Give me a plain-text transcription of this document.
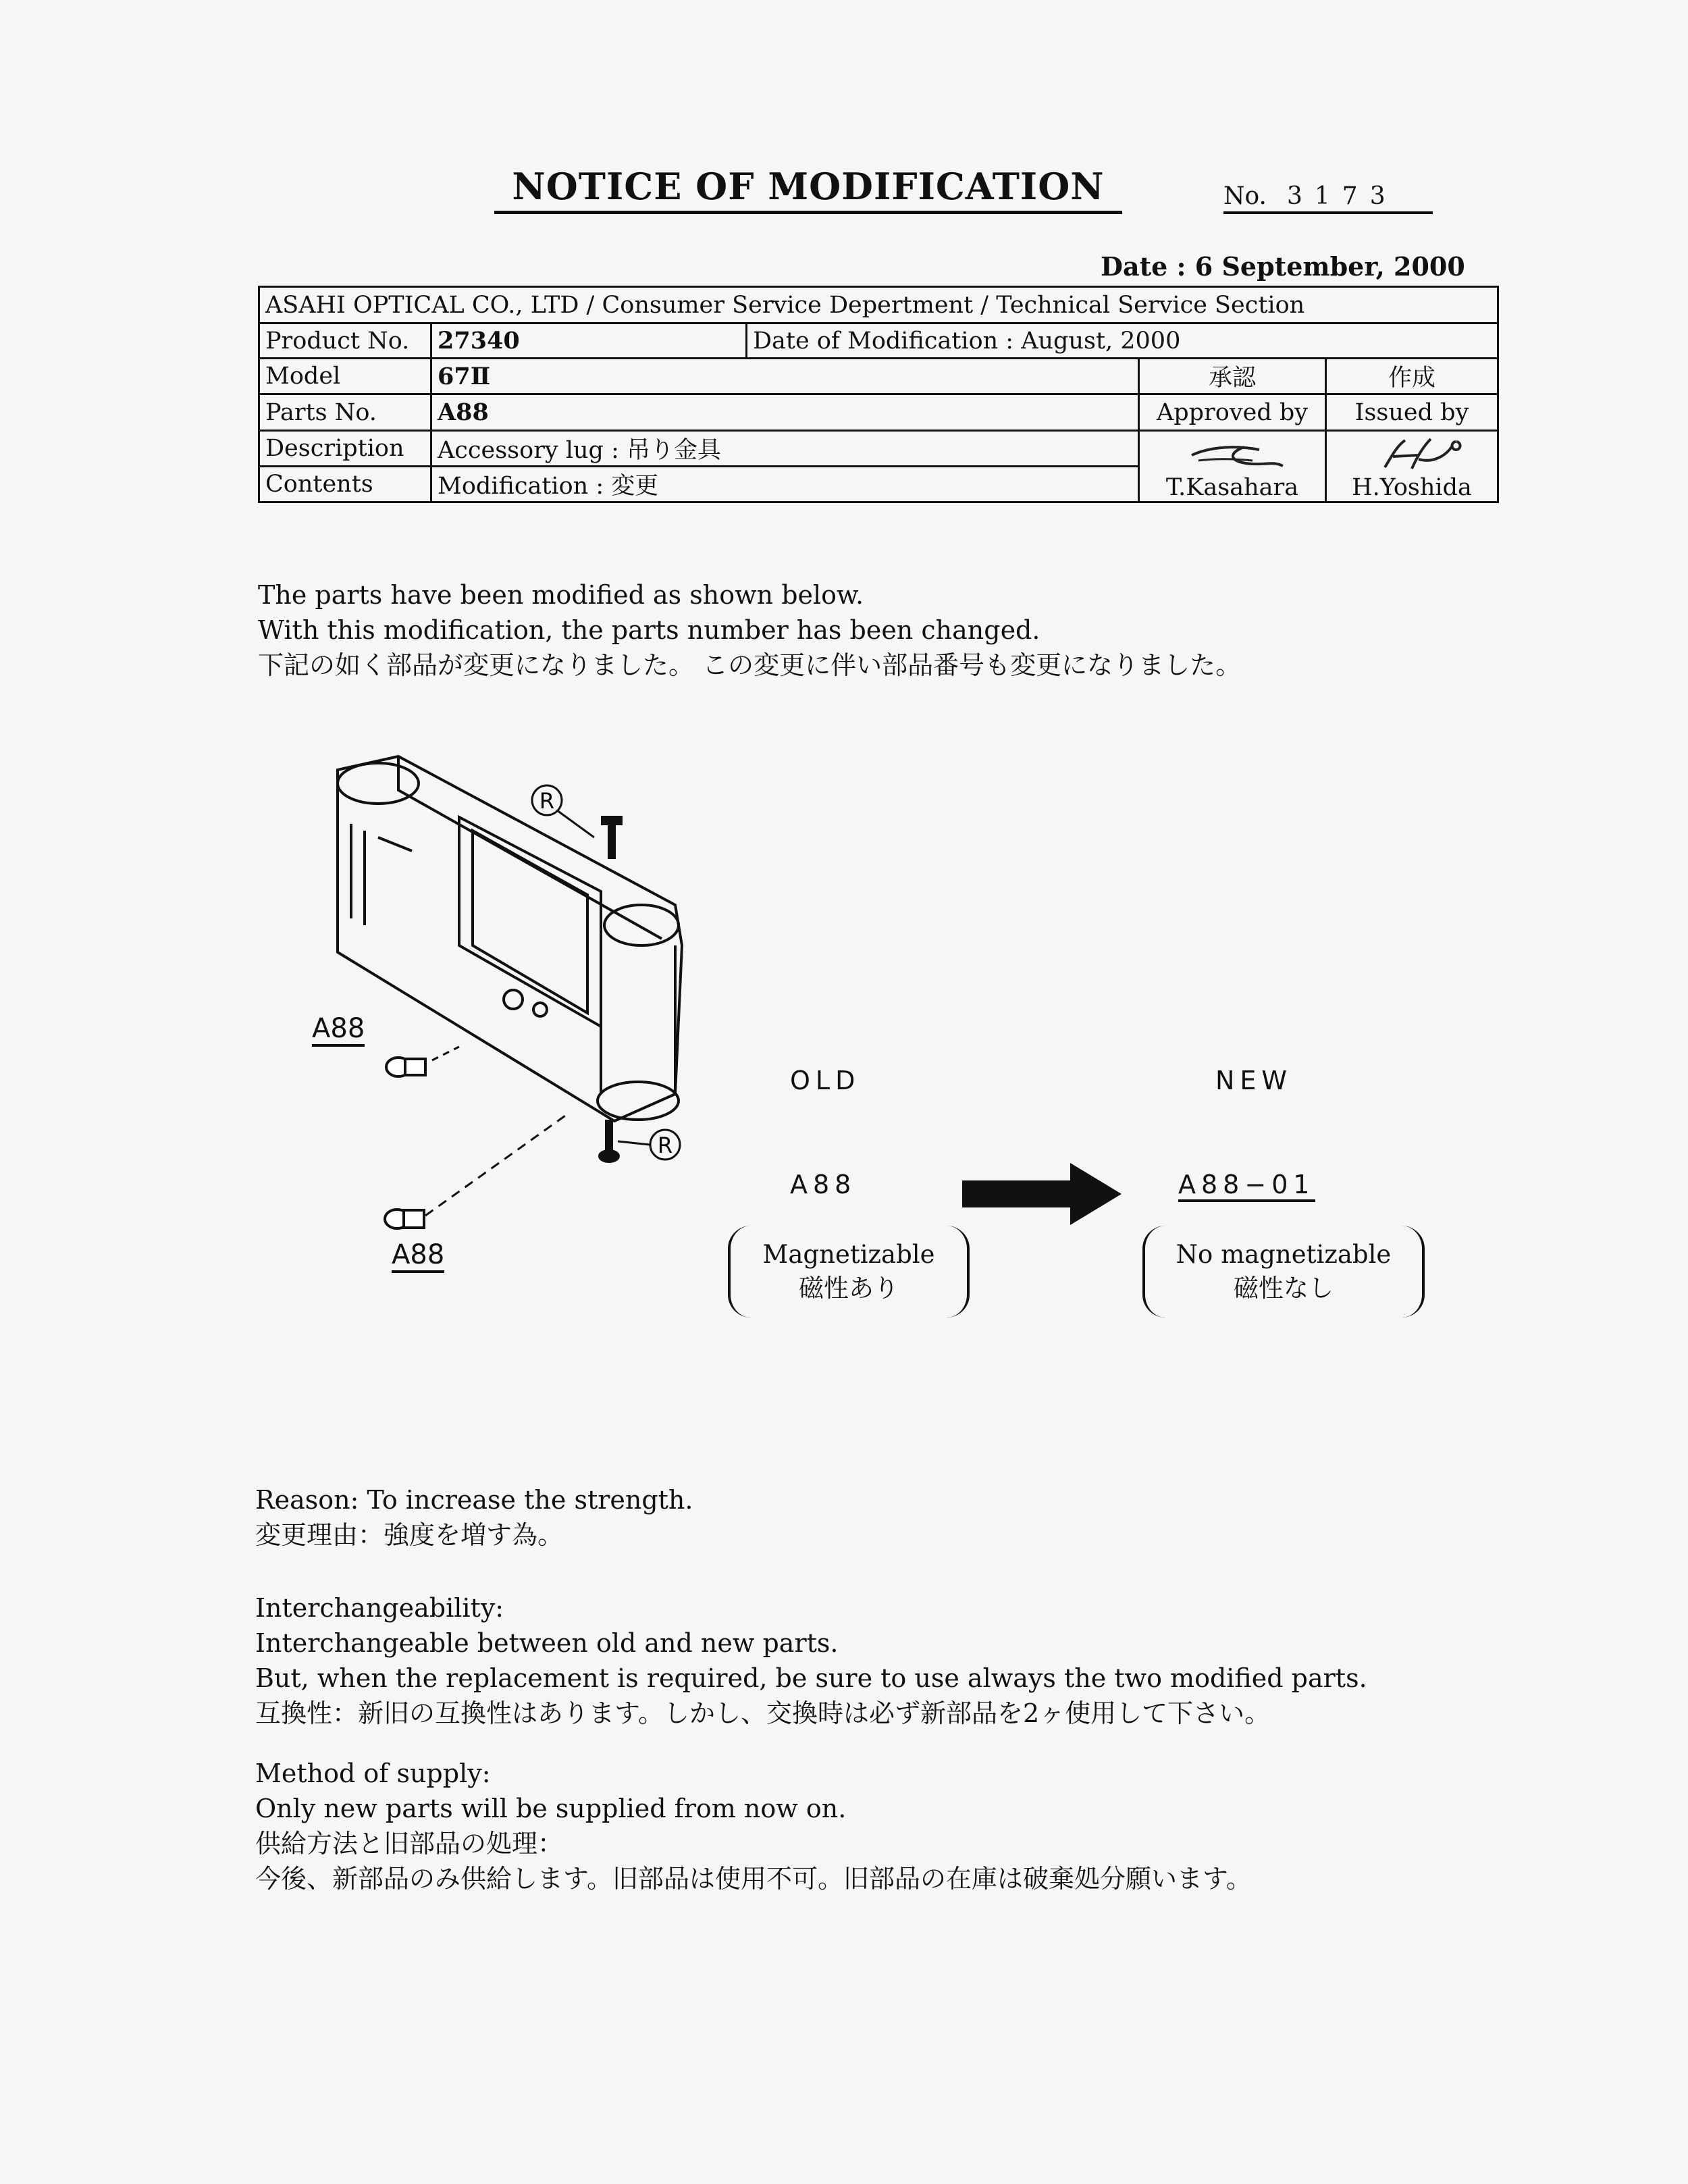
NOTICE OF MODIFICATION	No. 3173
Date : 6 September, 2000
ASAHI OPTICAL CO., LTD / Consumer Service Depertment / Technical Service Section				
Product No.	27340	Date of Modification : August, 2000		
Model	67Ⅱ		承認	作成
Parts No.	A88		Approved by	Issued by
Description	Accessory lug : 吊り金具		T.Kasahara	H.Yoshida

Contents	Modification : 変更			
The parts have been modified as shown below.
With this modification, the parts number has been changed.
下記の如く部品が変更になりました。 この変更に伴い部品番号も変更になりました。
R
R
A88
A88
OLD	NEW
A88	A88−01
Magnetizable
磁性あり
No magnetizable
磁性なし
Reason: To increase the strength.
変更理由：強度を増す為。
Interchangeability:
Interchangeable between old and new parts.
But, when the replacement is required, be sure to use always the two modified parts.
互換性：新旧の互換性はあります。しかし、交換時は必ず新部品を2ヶ使用して下さい。
Method of supply:
Only new parts will be supplied from now on.
供給方法と旧部品の処理：
今後、新部品のみ供給します。旧部品は使用不可。旧部品の在庫は破棄処分願います。
